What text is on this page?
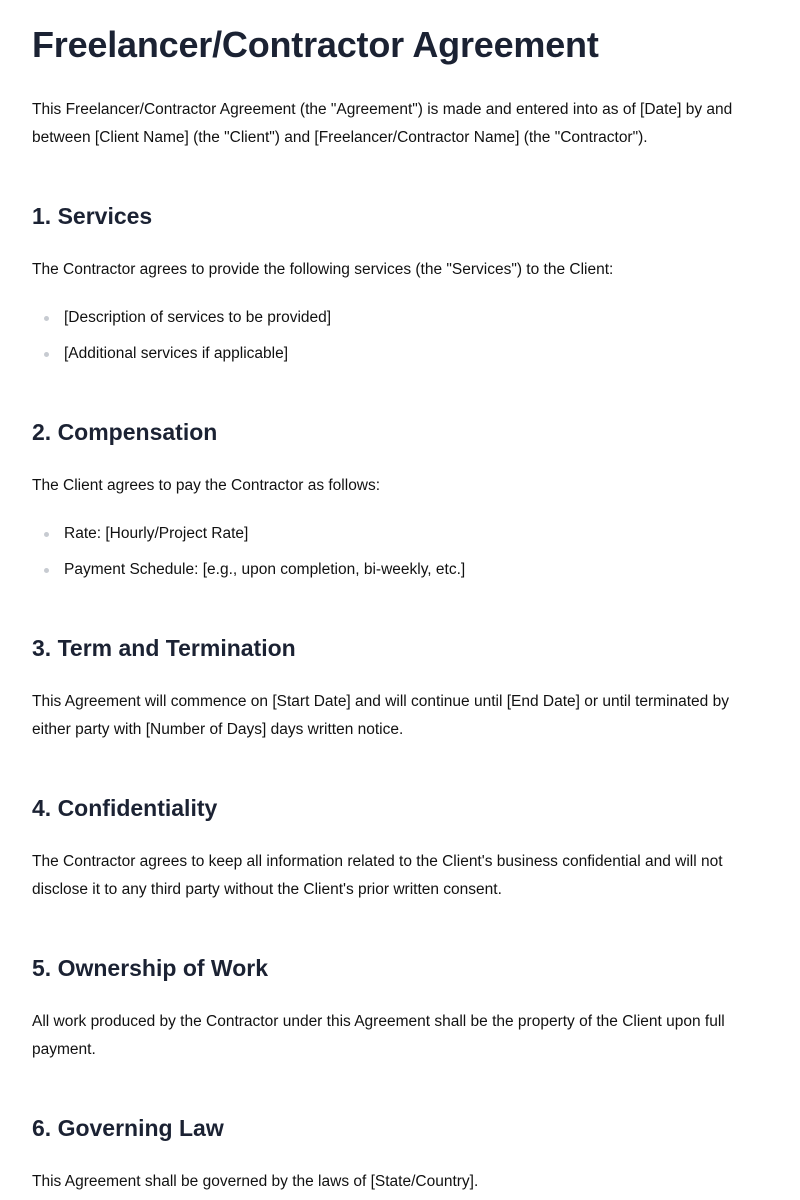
Freelancer/Contractor Agreement

This Freelancer/Contractor Agreement (the "Agreement") is made and entered into as of [Date] by and between [Client Name] (the "Client") and [Freelancer/Contractor Name] (the "Contractor").

1. Services

The Contractor agrees to provide the following services (the "Services") to the Client:

[Description of services to be provided]
[Additional services if applicable]
2. Compensation

The Client agrees to pay the Contractor as follows:

Rate: [Hourly/Project Rate]
Payment Schedule: [e.g., upon completion, bi-weekly, etc.]
3. Term and Termination

This Agreement will commence on [Start Date] and will continue until [End Date] or until terminated by either party with [Number of Days] days written notice.

4. Confidentiality

The Contractor agrees to keep all information related to the Client's business confidential and will not disclose it to any third party without the Client's prior written consent.

5. Ownership of Work

All work produced by the Contractor under this Agreement shall be the property of the Client upon full payment.

6. Governing Law

This Agreement shall be governed by the laws of [State/Country].
